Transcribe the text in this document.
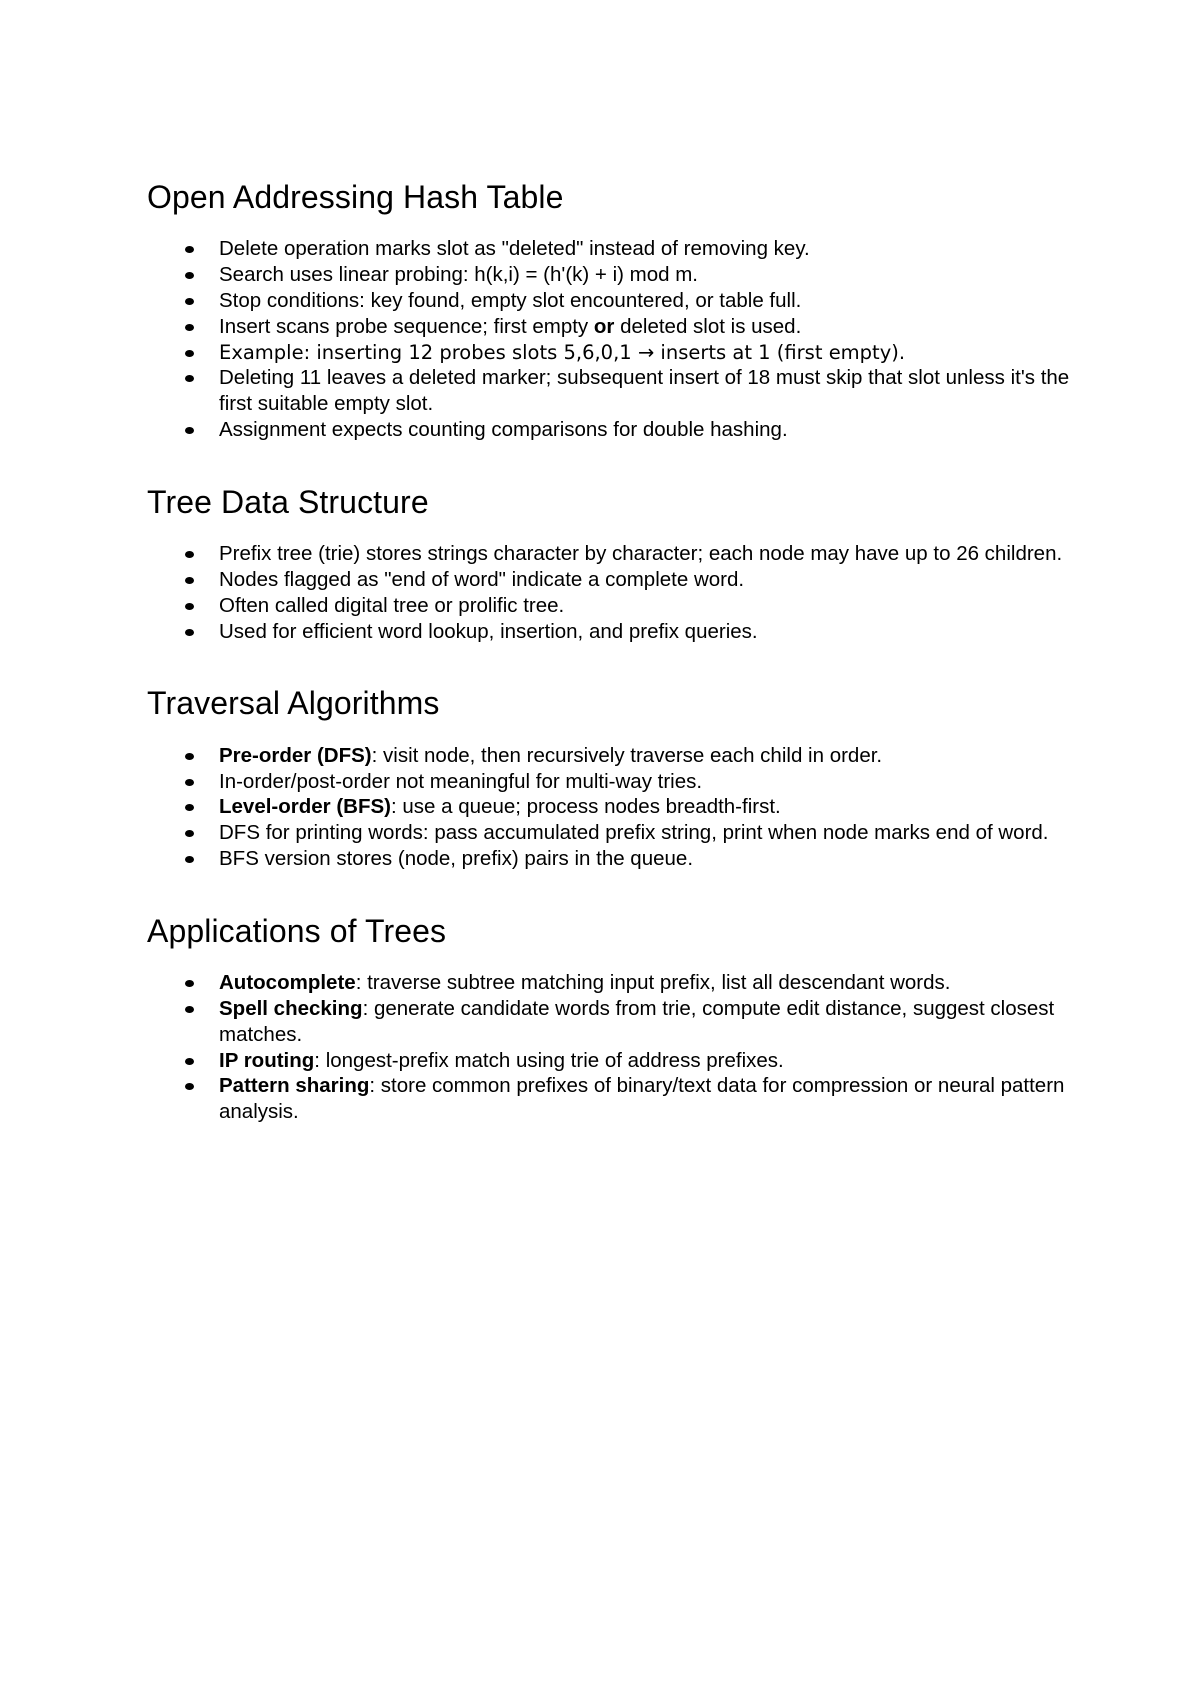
Open Addressing Hash Table
Delete operation marks slot as "deleted" instead of removing key.
Search uses linear probing: h(k,i) = (h'(k) + i) mod m.
Stop conditions: key found, empty slot encountered, or table full.
Insert scans probe sequence; first empty or deleted slot is used.
Example: inserting 12 probes slots 5,6,0,1 → inserts at 1 (first empty).
Deleting 11 leaves a deleted marker; subsequent insert of 18 must skip that slot unless it's the first suitable empty slot.
Assignment expects counting comparisons for double hashing.
Tree Data Structure
Prefix tree (trie) stores strings character by character; each node may have up to 26 children.
Nodes flagged as "end of word" indicate a complete word.
Often called digital tree or prolific tree.
Used for efficient word lookup, insertion, and prefix queries.
Traversal Algorithms
Pre-order (DFS): visit node, then recursively traverse each child in order.
In-order/post-order not meaningful for multi-way tries.
Level-order (BFS): use a queue; process nodes breadth-first.
DFS for printing words: pass accumulated prefix string, print when node marks end of word.
BFS version stores (node, prefix) pairs in the queue.
Applications of Trees
Autocomplete: traverse subtree matching input prefix, list all descendant words.
Spell checking: generate candidate words from trie, compute edit distance, suggest closest matches.
IP routing: longest-prefix match using trie of address prefixes.
Pattern sharing: store common prefixes of binary/text data for compression or neural pattern analysis.
